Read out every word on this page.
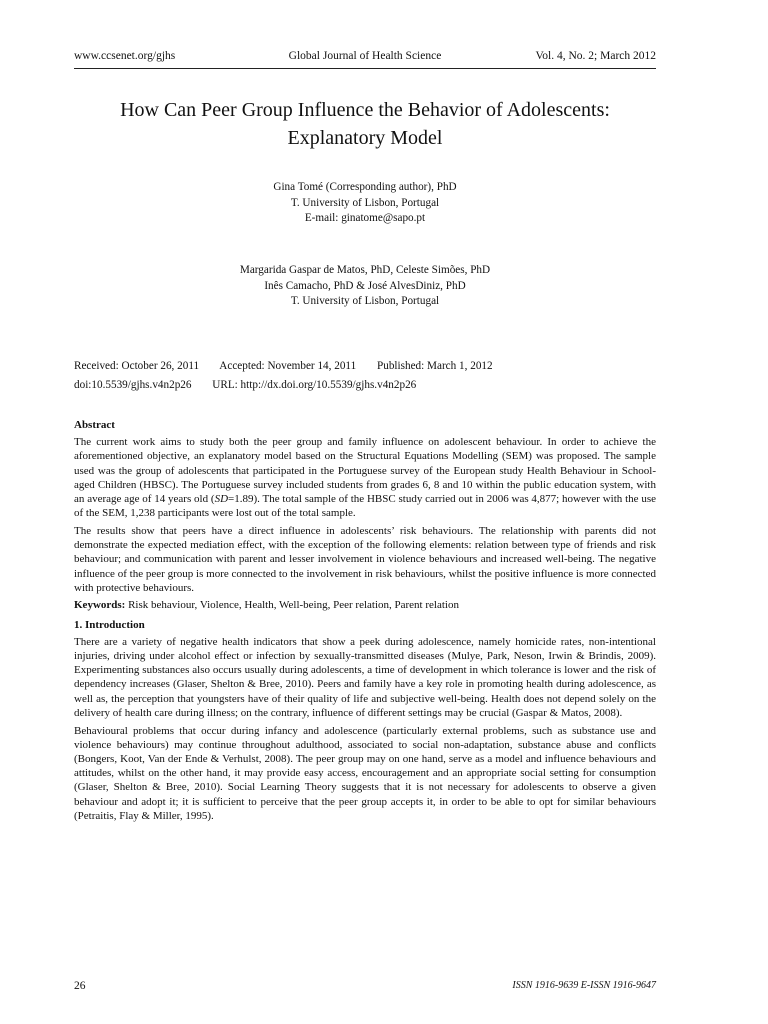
www.ccsenet.org/gjhs	Global Journal of Health Science	Vol. 4, No. 2; March 2012
How Can Peer Group Influence the Behavior of Adolescents:
Explanatory Model
Gina Tomé (Corresponding author), PhD
T. University of Lisbon, Portugal
E-mail: ginatome@sapo.pt
Margarida Gaspar de Matos, PhD, Celeste Simões, PhD
Inês Camacho, PhD & José AlvesDiniz, PhD
T. University of Lisbon, Portugal
Received: October 26, 2011 Accepted: November 14, 2011 Published: March 1, 2012
doi:10.5539/gjhs.v4n2p26 URL: http://dx.doi.org/10.5539/gjhs.v4n2p26
Abstract

The current work aims to study both the peer group and family influence on adolescent behaviour. In order to achieve the aforementioned objective, an explanatory model based on the Structural Equations Modelling (SEM) was proposed. The sample used was the group of adolescents that participated in the Portuguese survey of the European study Health Behaviour in School-aged Children (HBSC). The Portuguese survey included students from grades 6, 8 and 10 within the public education system, with an average age of 14 years old (SD=1.89). The total sample of the HBSC study carried out in 2006 was 4,877; however with the use of the SEM, 1,238 participants were lost out of the total sample.

The results show that peers have a direct influence in adolescents’ risk behaviours. The relationship with parents did not demonstrate the expected mediation effect, with the exception of the following elements: relation between type of friends and risk behaviour; and communication with parent and lesser involvement in violence behaviours and increased well-being. The negative influence of the peer group is more connected to the involvement in risk behaviours, whilst the positive influence is more connected with protective behaviours.

Keywords: Risk behaviour, Violence, Health, Well-being, Peer relation, Parent relation
1. Introduction

There are a variety of negative health indicators that show a peek during adolescence, namely homicide rates, non-intentional injuries, driving under alcohol effect or infection by sexually-transmitted diseases (Mulye, Park, Neson, Irwin & Brindis, 2009). Experimenting substances also occurs usually during adolescents, a time of development in which tolerance is lower and the risk of dependency increases (Glaser, Shelton & Bree, 2010). Peers and family have a key role in promoting health during adolescence, as well as, the perception that youngsters have of their quality of life and subjective well-being. Health does not depend solely on the delivery of health care during illness; on the contrary, influence of different settings may be crucial (Gaspar & Matos, 2008).

Behavioural problems that occur during infancy and adolescence (particularly external problems, such as substance use and violence behaviours) may continue throughout adulthood, associated to social non-adaptation, substance abuse and conflicts (Bongers, Koot, Van der Ende & Verhulst, 2008). The peer group may on one hand, serve as a model and influence behaviours and attitudes, whilst on the other hand, it may provide easy access, encouragement and an appropriate social setting for consumption (Glaser, Shelton & Bree, 2010). Social Learning Theory suggests that it is not necessary for adolescents to observe a given behaviour and adopt it; it is sufficient to perceive that the peer group accepts it, in order to be able to opt for similar behaviours (Petraitis, Flay & Miller, 1995).

26	ISSN 1916-9639 E-ISSN 1916-9647
